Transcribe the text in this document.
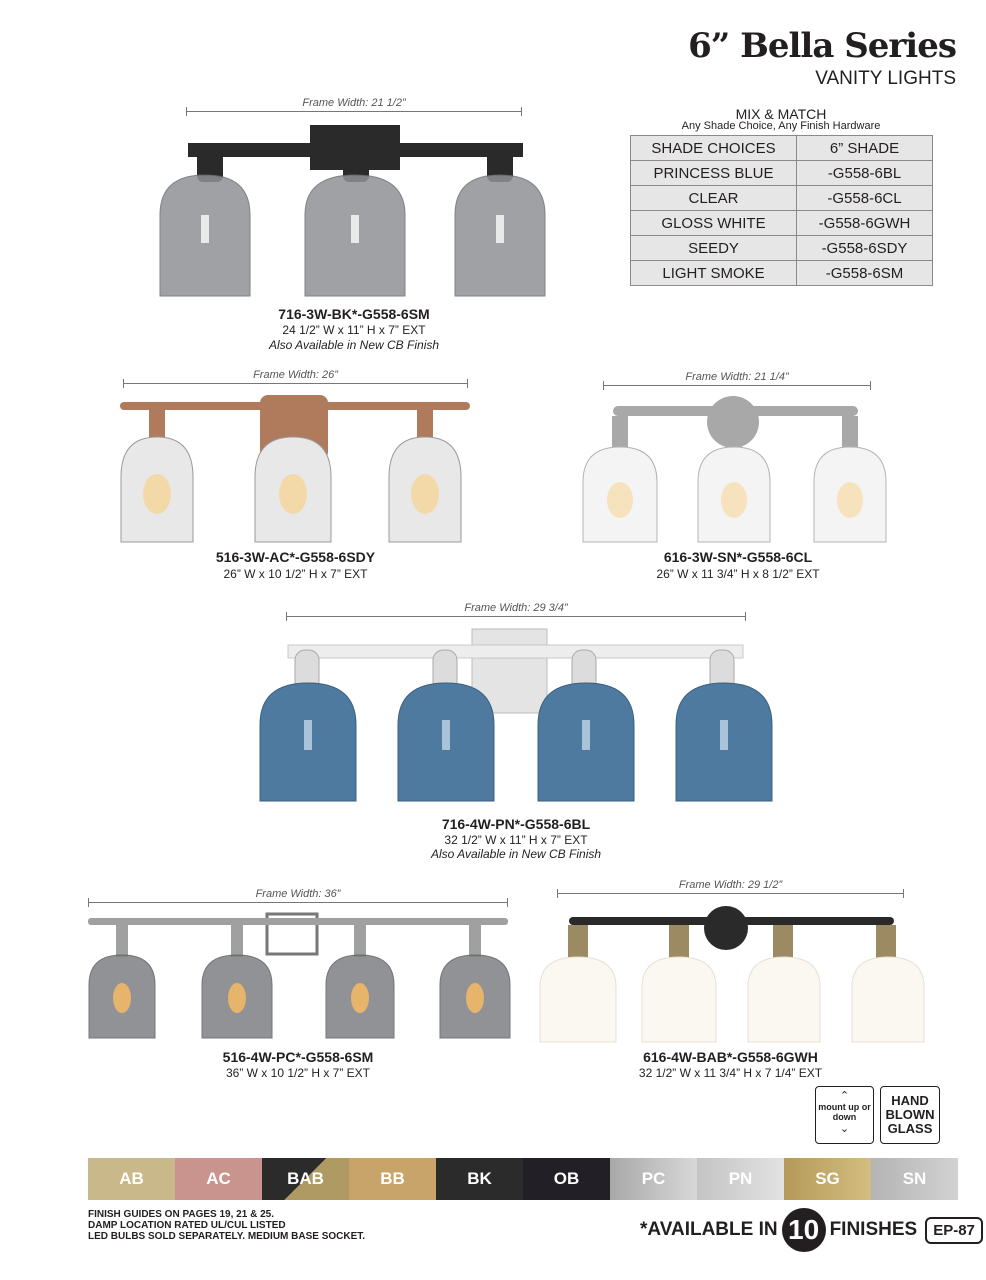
6” Bella Series
VANITY LIGHTS
MIX & MATCH
Any Shade Choice, Any Finish Hardware
SHADE CHOICES	6” SHADE
PRINCESS BLUE	-G558-6BL
CLEAR	-G558-6CL
GLOSS WHITE	-G558-6GWH
SEEDY	-G558-6SDY
LIGHT SMOKE	-G558-6SM
Frame Width: 21 1/2”
716-3W-BK*-G558-6SM
24 1/2” W x 11” H x 7” EXT
Also Available in New CB Finish
Frame Width: 26”
516-3W-AC*-G558-6SDY
26” W x 10 1/2” H x 7” EXT
Frame Width: 21 1/4”
616-3W-SN*-G558-6CL
26” W x 11 3/4” H x 8 1/2” EXT
Frame Width: 29 3/4”
716-4W-PN*-G558-6BL
32 1/2” W x 11” H x 7” EXT
Also Available in New CB Finish
Frame Width: 36”
516-4W-PC*-G558-6SM
36” W x 10 1/2” H x 7” EXT
Frame Width: 29 1/2”
616-4W-BAB*-G558-6GWH
32 1/2” W x 11 3/4” H x 7 1/4” EXT
⌃
mount up or down
⌄
HAND BLOWN GLASS
AB	AC	BAB	BB	BK	OB	PC	PN	SG	SN
FINISH GUIDES ON PAGES 19, 21 & 25.
DAMP LOCATION RATED UL/CUL LISTED
LED BULBS SOLD SEPARATELY. MEDIUM BASE SOCKET.	*AVAILABLE IN 10 FINISHES	EP-87
